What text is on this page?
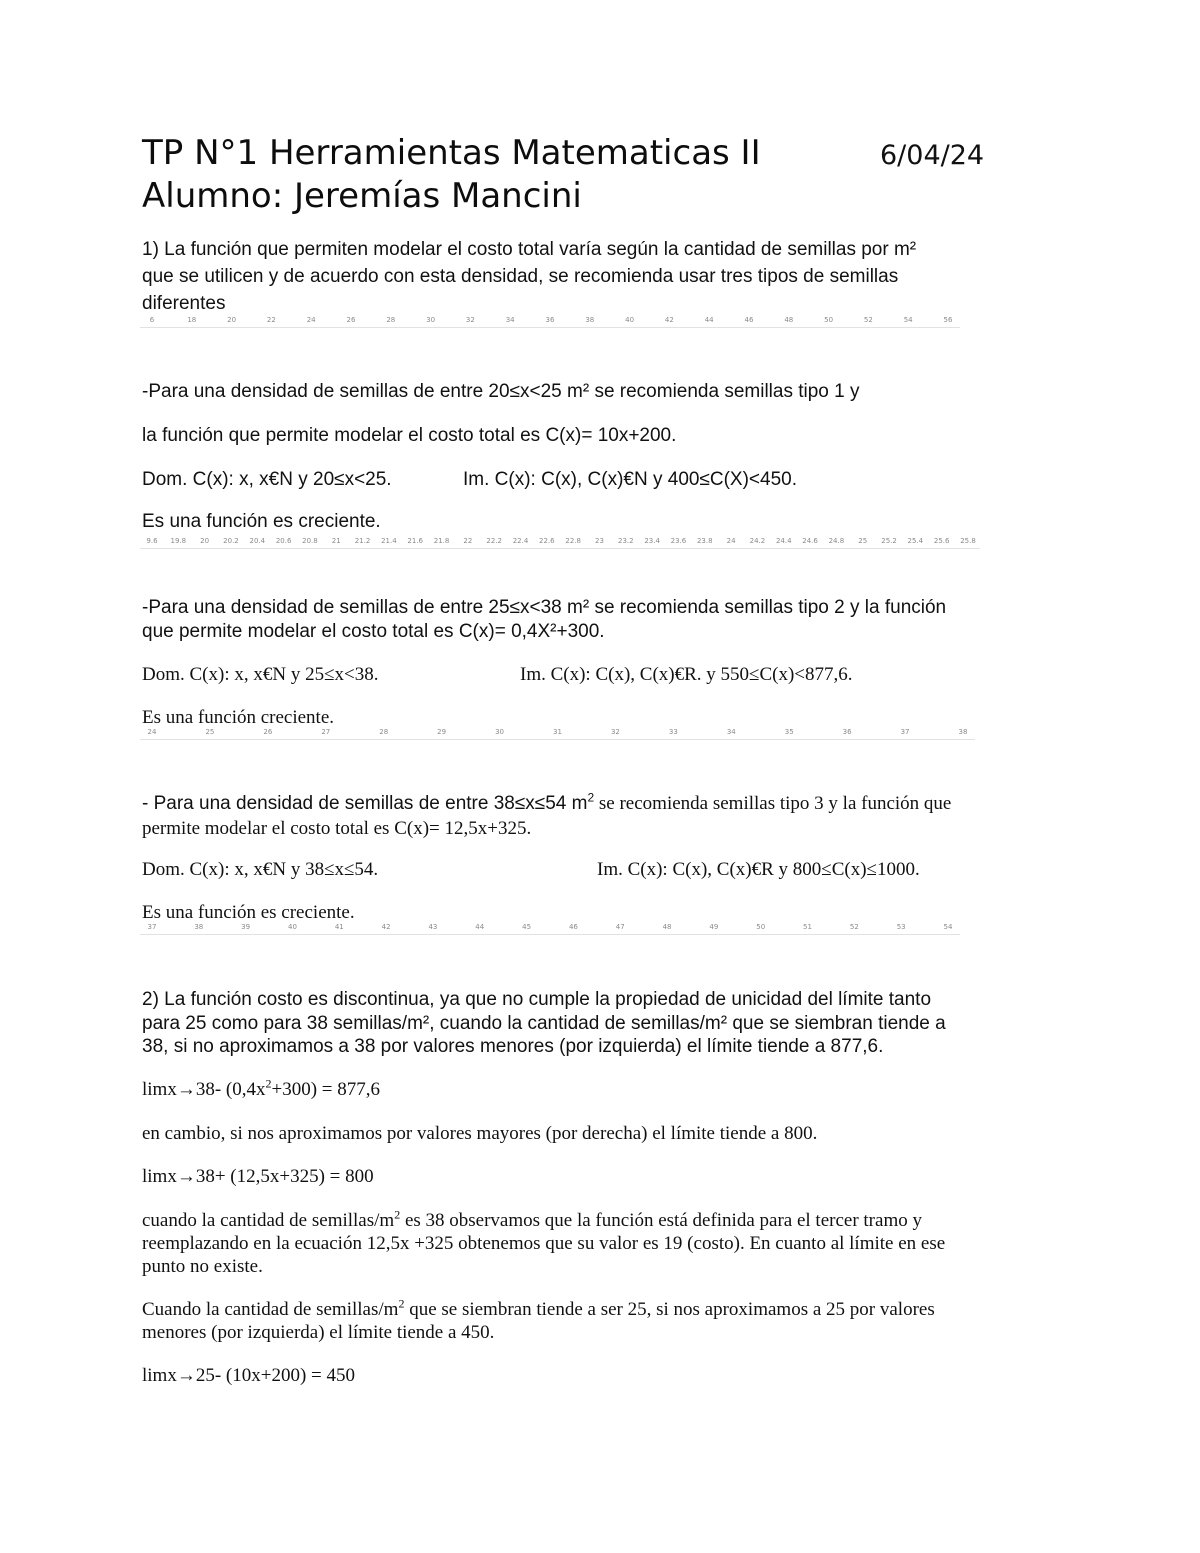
TP N°1 Herramientas Matematicas II	6/04/24
Alumno: Jeremías Mancini
1) La función que permiten modelar el costo total varía según la cantidad de semillas por m²
que se utilicen y de acuerdo con esta densidad, se recomienda usar tres tipos de semillas
diferentes
6	18	20	22	24	26	28	30	32	34	36	38	40	42	44	46	48	50	52	54	56
-Para una densidad de semillas de entre 20≤x<25 m² se recomienda semillas tipo 1 y
la función que permite modelar el costo total es C(x)= 10x+200.
Dom. C(x): x, x€N y 20≤x<25.	Im. C(x): C(x), C(x)€N y 400≤C(X)<450.
Es una función es creciente.
9.6 19.8 20 20.2 20.4 20.6 20.8 21 21.2 21.4 21.6 21.8 22 22.2 22.4 22.6 22.8 23 23.2 23.4 23.6 23.8 24 24.2 24.4 24.6 24.8 25 25.2 25.4 25.6 25.8
-Para una densidad de semillas de entre 25≤x<38 m² se recomienda semillas tipo 2 y la función
que permite modelar el costo total es C(x)= 0,4X²+300.
Dom. C(x): x, x€N y 25≤x<38.	Im. C(x): C(x), C(x)€R. y 550≤C(x)<877,6.
Es una función creciente.
24	25	26	27	28	29	30	31	32	33	34	35	36	37	38
- Para una densidad de semillas de entre 38≤x≤54 $m^2$ se recomienda semillas tipo 3 y la función que
permite modelar el costo total es C(x)= 12,5x+325.
Dom. C(x): x, x€N y 38≤x≤54.	Im. C(x): C(x), C(x)€R y 800≤C(x)≤1000.
Es una función es creciente.
37	38	39	40	41	42	43	44	45	46	47	48	49	50	51	52	53	54
2) La función costo es discontinua, ya que no cumple la propiedad de unicidad del límite tanto
para 25 como para 38 semillas/m², cuando la cantidad de semillas/m² que se siembran tiende a
38, si no aproximamos a 38 por valores menores (por izquierda) el límite tiende a 877,6.
limx→38- $(0,4x^2+300) = 877,6$
en cambio, si nos aproximamos por valores mayores (por derecha) el límite tiende a 800.
limx→38+ (12,5x+325) = 800
cuando la cantidad de semillas/$m^2$ es 38 observamos que la función está definida para el tercer tramo y
reemplazando en la ecuación 12,5x +325 obtenemos que su valor es 19 (costo). En cuanto al límite en ese
punto no existe.
Cuando la cantidad de semillas/$m^2$ que se siembran tiende a ser 25, si nos aproximamos a 25 por valores
menores (por izquierda) el límite tiende a 450.
limx→25- (10x+200) = 450
